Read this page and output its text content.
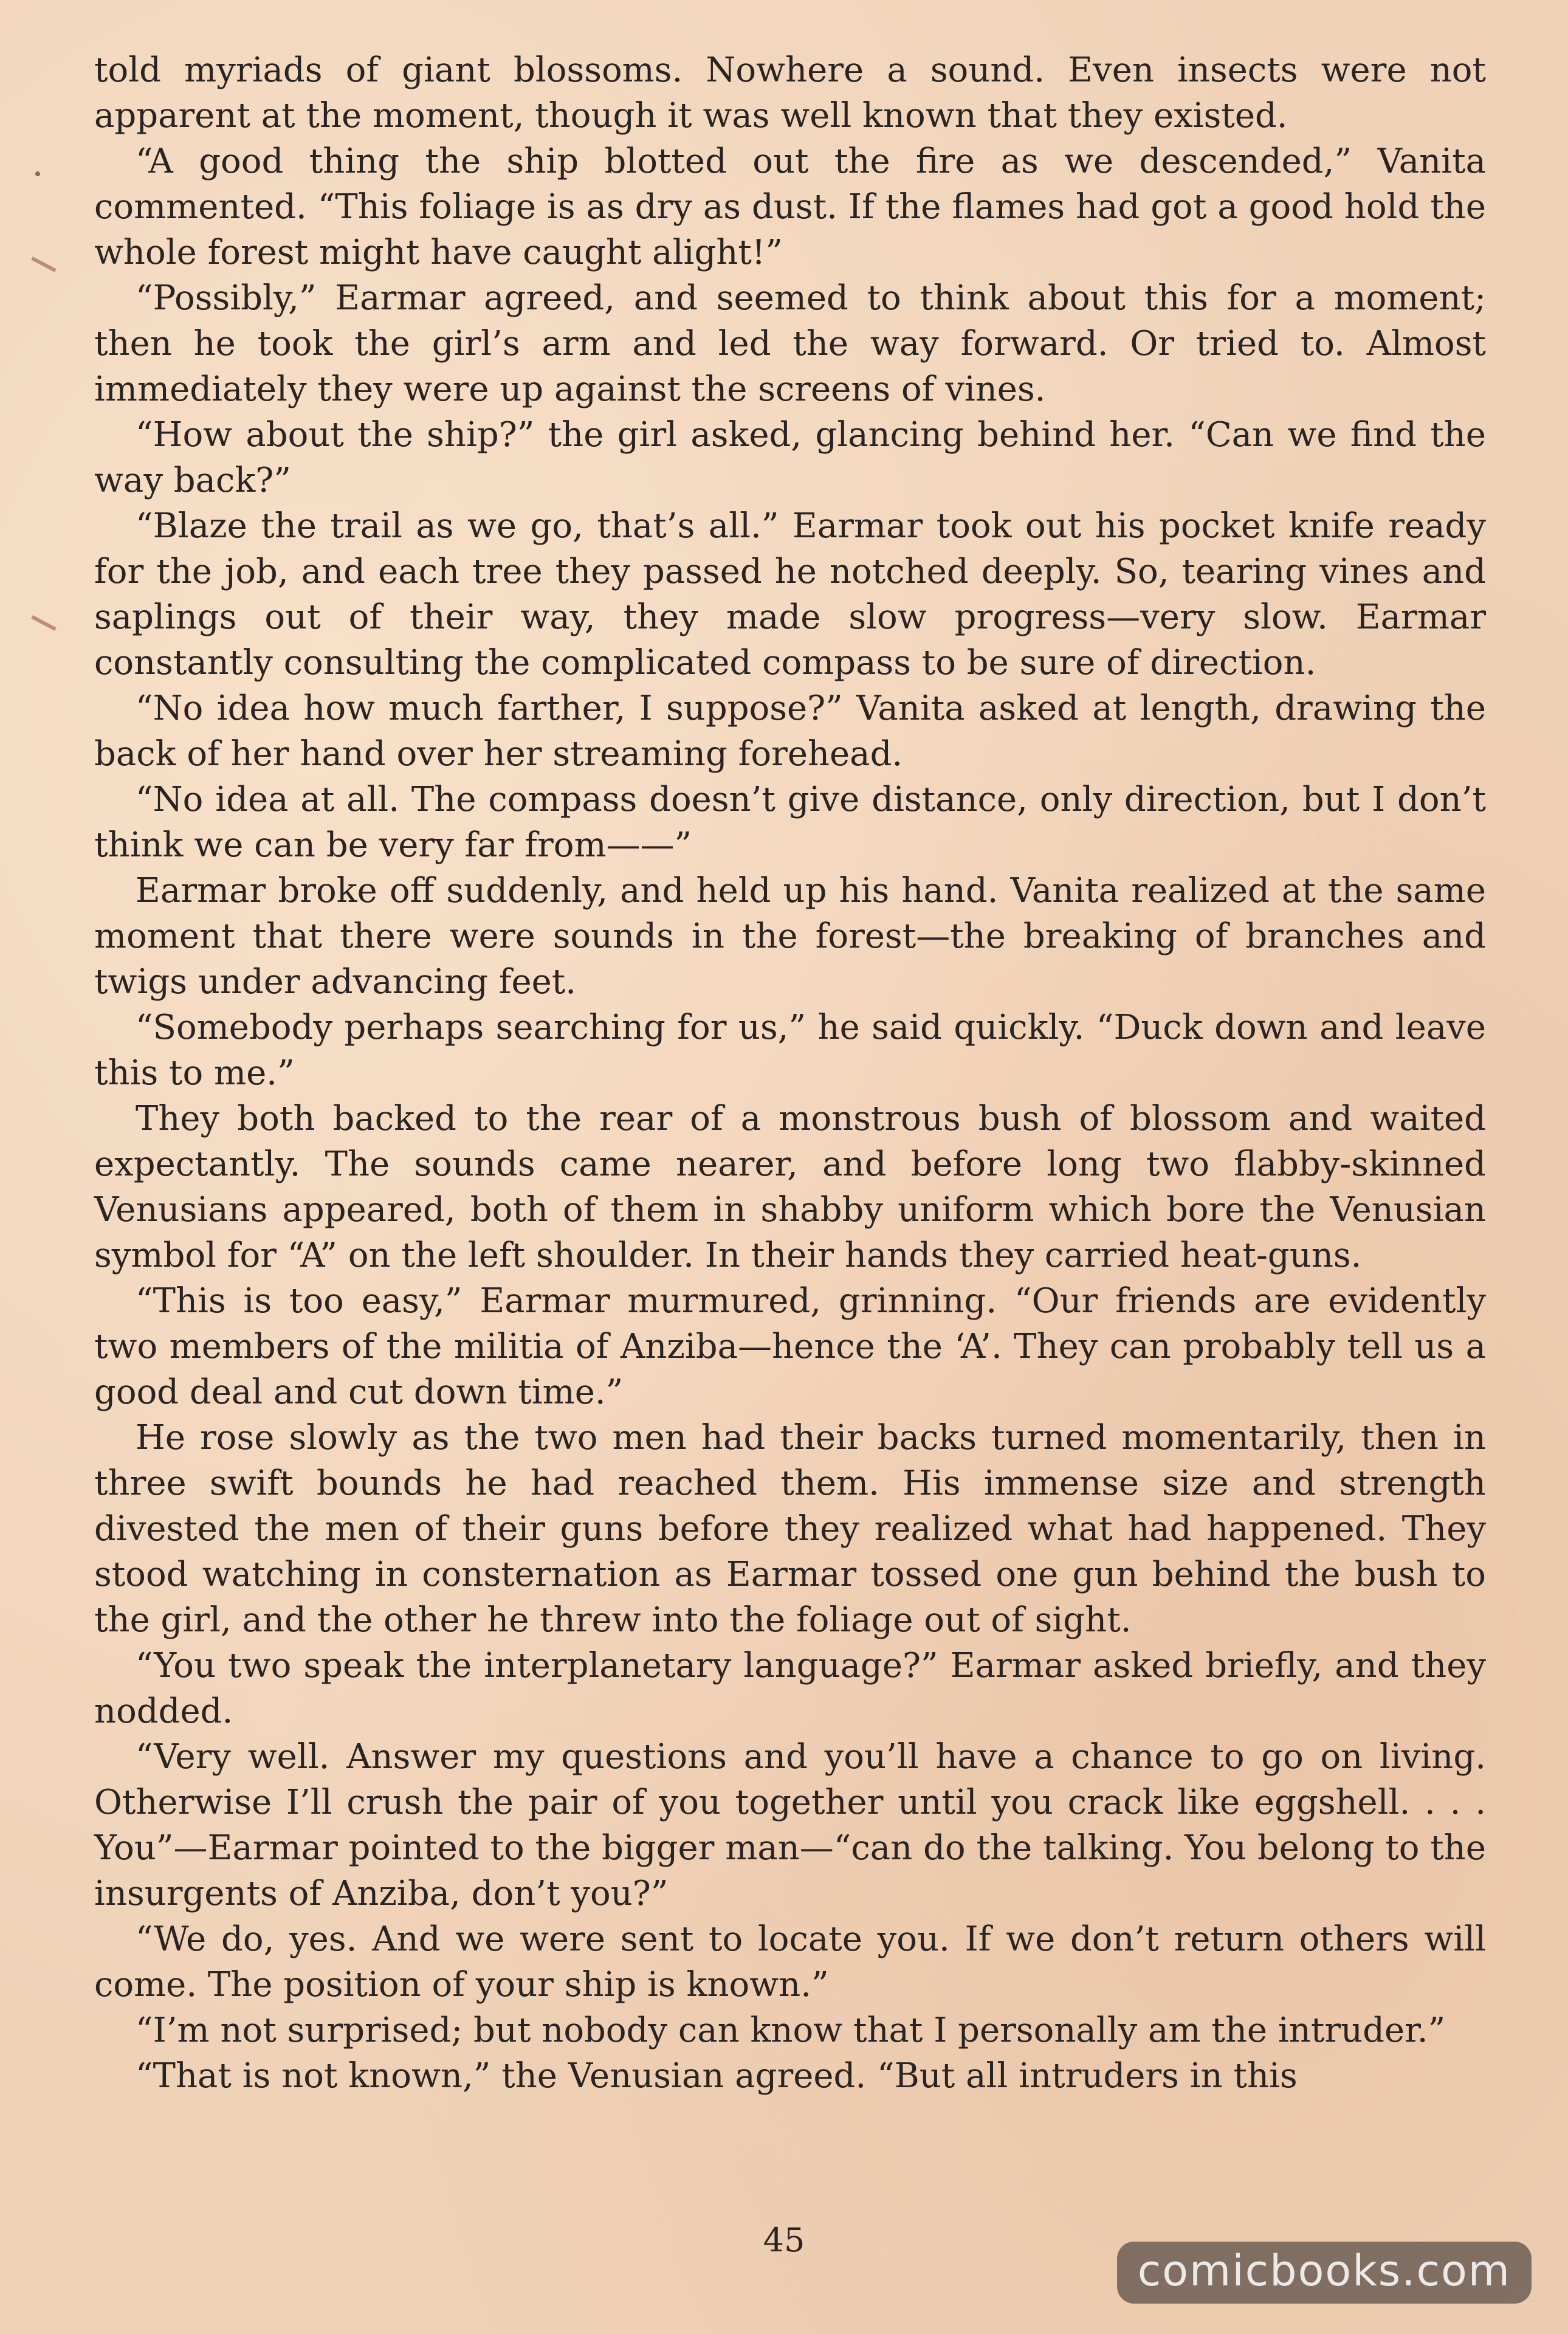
told myriads of giant blossoms. Nowhere a sound. Even insects were not apparent at the moment, though it was well known that they existed.

“A good thing the ship blotted out the fire as we descended,” Vanita commented. “This foliage is as dry as dust. If the flames had got a good hold the whole forest might have caught alight!”

“Possibly,” Earmar agreed, and seemed to think about this for a moment; then he took the girl’s arm and led the way forward. Or tried to. Almost immediately they were up against the screens of vines.

“How about the ship?” the girl asked, glancing behind her. “Can we find the way back?”

“Blaze the trail as we go, that’s all.” Earmar took out his pocket knife ready for the job, and each tree they passed he notched deeply. So, tearing vines and saplings out of their way, they made slow progress—very slow. Earmar constantly consulting the complicated compass to be sure of direction.

“No idea how much farther, I suppose?” Vanita asked at length, drawing the back of her hand over her streaming forehead.

“No idea at all. The compass doesn’t give distance, only direction, but I don’t think we can be very far from——”

Earmar broke off suddenly, and held up his hand. Vanita realized at the same moment that there were sounds in the forest—the breaking of branches and twigs under advancing feet.

“Somebody perhaps searching for us,” he said quickly. “Duck down and leave this to me.”

They both backed to the rear of a monstrous bush of blossom and waited expectantly. The sounds came nearer, and before long two flabby-skinned Venusians appeared, both of them in shabby uniform which bore the Venusian symbol for “A” on the left shoulder. In their hands they carried heat-guns.

“This is too easy,” Earmar murmured, grinning. “Our friends are evidently two members of the militia of Anziba—hence the ‘A’. They can probably tell us a good deal and cut down time.”

He rose slowly as the two men had their backs turned momentarily, then in three swift bounds he had reached them. His immense size and strength divested the men of their guns before they realized what had happened. They stood watching in consternation as Earmar tossed one gun behind the bush to the girl, and the other he threw into the foliage out of sight.

“You two speak the interplanetary language?” Earmar asked briefly, and they nodded.

“Very well. Answer my questions and you’ll have a chance to go on living. Otherwise I’ll crush the pair of you together until you crack like eggshell. . . . You”—Earmar pointed to the bigger man—“can do the talking. You belong to the insurgents of Anziba, don’t you?”

“We do, yes. And we were sent to locate you. If we don’t return others will come. The position of your ship is known.”

“I’m not surprised; but nobody can know that I personally am the intruder.”

“That is not known,” the Venusian agreed. “But all intruders in this

45
comicbooks.com
